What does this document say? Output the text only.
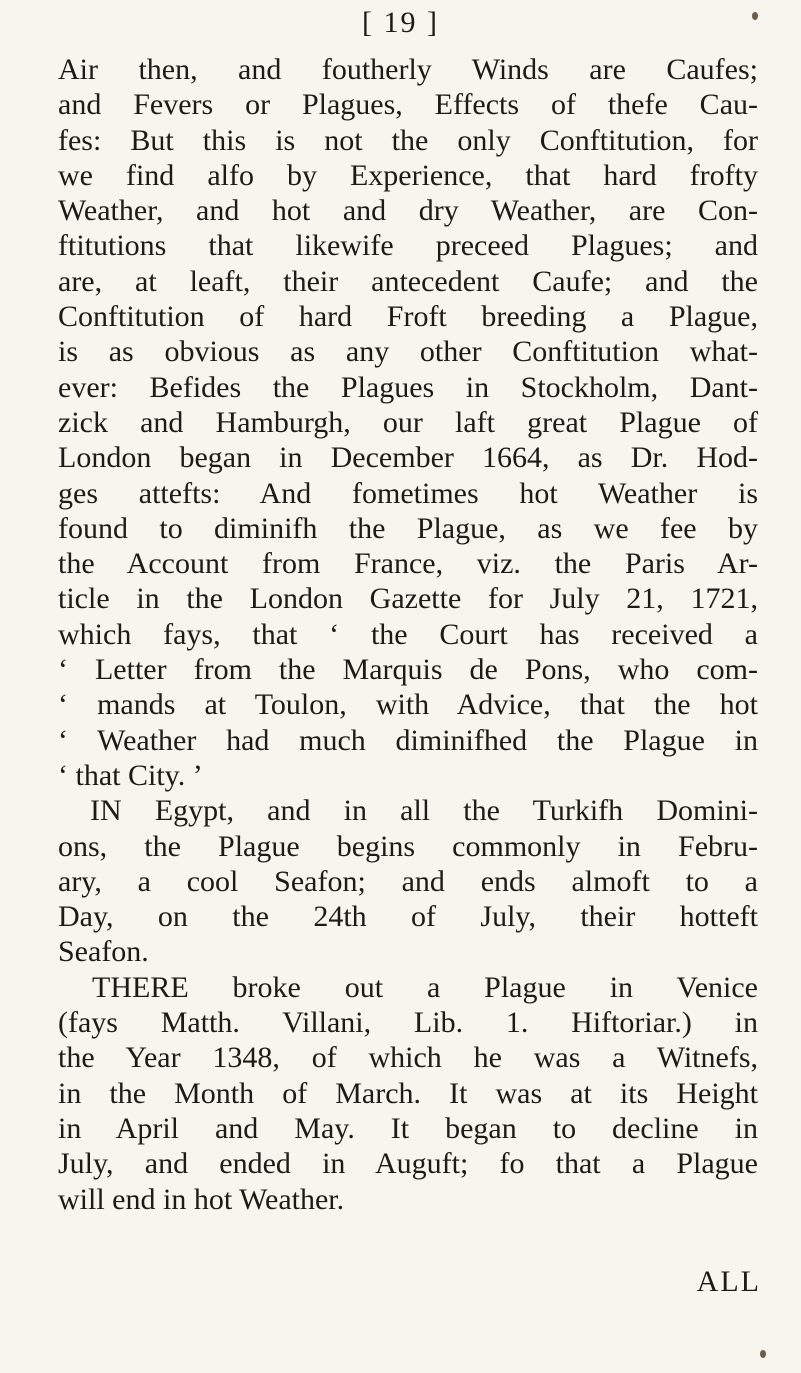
[ 19 ]
Air then, and foutherly Winds are Caufes;
and Fevers or Plagues, Effects of thefe Cau-
fes: But this is not the only Conftitution, for
we find alfo by Experience, that hard frofty
Weather, and hot and dry Weather, are Con-
ftitutions that likewife preceed Plagues; and
are, at leaft, their antecedent Caufe; and the
Conftitution of hard Froft breeding a Plague,
is as obvious as any other Conftitution what-
ever: Befides the Plagues in Stockholm, Dant-
zick and Hamburgh, our laft great Plague of
London began in December 1664, as Dr. Hod-
ges attefts: And fometimes hot Weather is
found to diminifh the Plague, as we fee by
the Account from France, viz. the Paris Ar-
ticle in the London Gazette for July 21, 1721,
which fays, that ‘ the Court has received a
‘ Letter from the Marquis de Pons, who com-
‘ mands at Toulon, with Advice, that the hot
‘ Weather had much diminifhed the Plague in
‘ that City. ’
IN Egypt, and in all the Turkifh Domini-
ons, the Plague begins commonly in Febru-
ary, a cool Seafon; and ends almoft to a
Day, on the 24th of July, their hotteft
Seafon.
THERE broke out a Plague in Venice
(fays Matth. Villani, Lib. 1. Hiftoriar.) in
the Year 1348, of which he was a Witnefs,
in the Month of March. It was at its Height
in April and May. It began to decline in
July, and ended in Auguft; fo that a Plague
will end in hot Weather.
ALL
